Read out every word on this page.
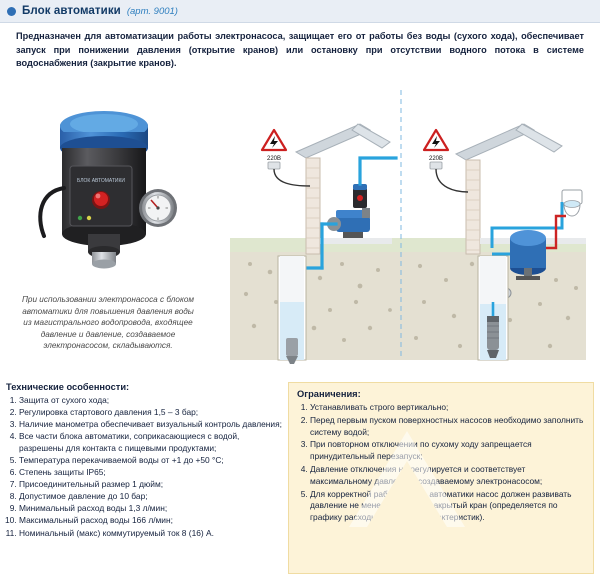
Блок автоматики (арт. 9001)
Предназначен для автоматизации работы электронасоса, защищает его от работы без воды (сухого хода), обеспечивает запуск при понижении давления (открытие кранов) или остановку при отсутствии водного потока в системе водоснабжения (закрытие кранов).
БЛОК АВТОМАТИКИ
При использовании электронасоса с блоком автоматики для повышения давления воды из магистрального водопровода, входящее давление и давление, создаваемое электронасосом, складываются.
220В	220В
Технические особенности:
1. Защита от сухого хода;
2. Регулировка стартового давления 1,5 – 3 бар;
3. Наличие манометра обеспечивает визуальный контроль давления;
4. Все части блока автоматики, соприкасающиеся с водой, разрешены для контакта с пищевыми продуктами;
5. Температура перекачиваемой воды от +1 до +50 °С;
6. Степень защиты IP65;
7. Присоединительный размер 1 дюйм;
8. Допустимое давление до 10 бар;
9. Минимальный расход воды 1,3 л/мин;
10. Максимальный расход воды 166 л/мин;
11. Номинальный (макс) коммутируемый ток 8 (16) А.
Ограничения:
1. Устанавливать строго вертикально;
2. Перед первым пуском поверхностных насосов необходимо заполнить систему водой;
3. При повторном отключении по сухому ходу запрещается принудительный перезапуск;
4. Давление отключения не регулируется и соответствует максимальному давлению, создаваемому электронасосом;
5. Для корректной работы блока автоматики насос должен развивать давление не менее 2,3 бар на закрытый кран (определяется по графику расходно-напорных характеристик).
